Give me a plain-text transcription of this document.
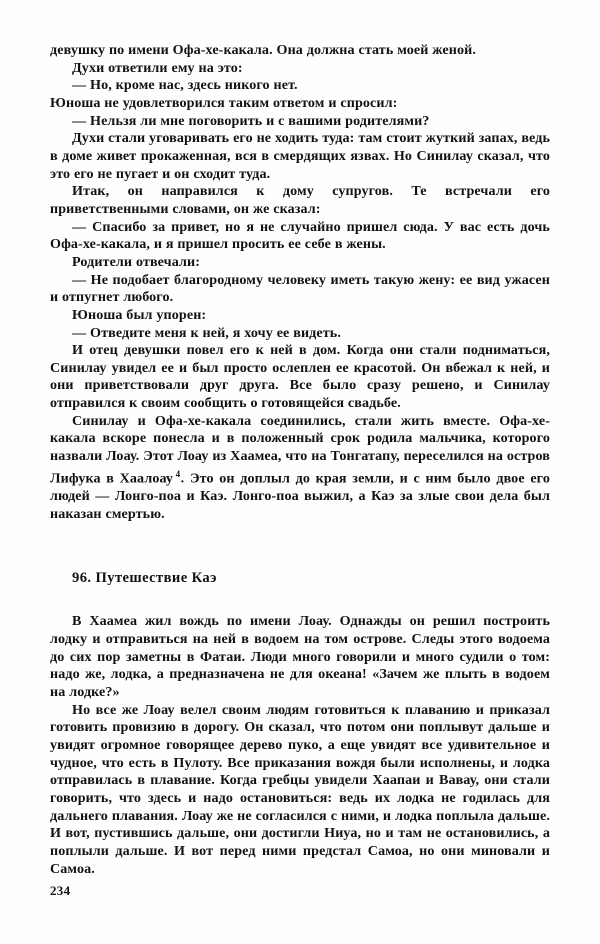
девушку по имени Офа-хе-какала. Она должна стать моей женой.

Духи ответили ему на это:

— Но, кроме нас, здесь никого нет.

Юноша не удовлетворился таким ответом и спросил:

— Нельзя ли мне поговорить и с вашими родителями?

Духи стали уговаривать его не ходить туда: там стоит жуткий запах, ведь в доме живет прокаженная, вся в смердящих язвах. Но Синилау сказал, что это его не пугает и он сходит туда.

Итак, он направился к дому супругов. Те встречали его приветственными словами, он же сказал:

— Спасибо за привет, но я не случайно пришел сюда. У вас есть дочь Офа-хе-какала, и я пришел просить ее себе в жены.

Родители отвечали:

— Не подобает благородному человеку иметь такую жену: ее вид ужасен и отпугнет любого.

Юноша был упорен:

— Отведите меня к ней, я хочу ее видеть.

И отец девушки повел его к ней в дом. Когда они стали подниматься, Синилау увидел ее и был просто ослеплен ее красотой. Он вбежал к ней, и они приветствовали друг друга. Все было сразу решено, и Синилау отправился к своим сообщить о готовящейся свадьбе.

Синилау и Офа-хе-какала соединились, стали жить вместе. Офа-хе-какала вскоре понесла и в положенный срок родила мальчика, которого назвали Лоау. Этот Лоау из Хаамеа, что на Тонгатапу, переселился на остров Лифука в Хаалоау $^4$. Это он доплыл до края земли, и с ним было двое его людей — Лонго-поа и Каэ. Лонго-поа выжил, а Каэ за злые свои дела был наказан смертью.

96. Путешествие Каэ

В Хаамеа жил вождь по имени Лоау. Однажды он решил построить лодку и отправиться на ней в водоем на том острове. Следы этого водоема до сих пор заметны в Фатаи. Люди много говорили и много судили о том: надо же, лодка, а предназначена не для океана! «Зачем же плыть в водоем на лодке?»

Но все же Лоау велел своим людям готовиться к плаванию и приказал готовить провизию в дорогу. Он сказал, что потом они поплывут дальше и увидят огромное говорящее дерево пуко, а еще увидят все удивительное и чудное, что есть в Пулоту. Все приказания вождя были исполнены, и лодка отправилась в плавание. Когда гребцы увидели Хаапаи и Вавау, они стали говорить, что здесь и надо остановиться: ведь их лодка не годилась для дальнего плавания. Лоау же не согласился с ними, и лодка поплыла дальше. И вот, пустившись дальше, они достигли Ниуа, но и там не остановились, а поплыли дальше. И вот перед ними предстал Самоа, но они миновали и Самоа.

234
